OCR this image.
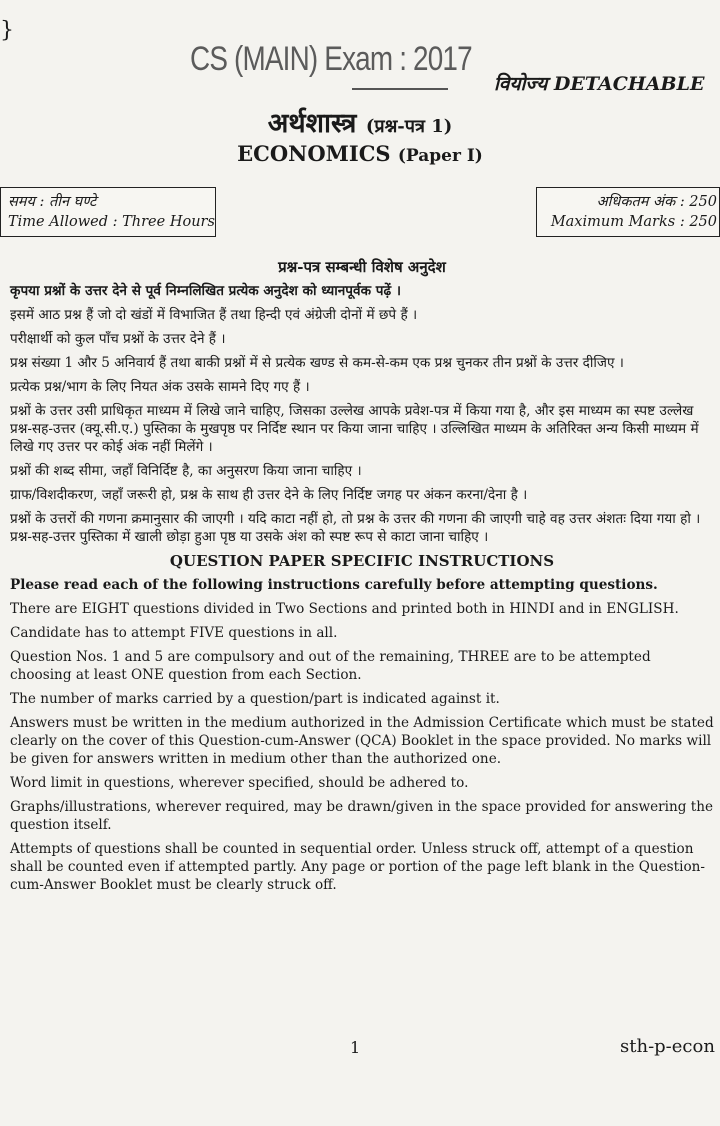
}
CS (MAIN) Exam : 2017
वियोज्य DETACHABLE
अर्थशास्त्र (प्रश्न-पत्र 1)
ECONOMICS (Paper I)
समय : तीन घण्टे
Time Allowed : Three Hours
अधिकतम अंक : 250
Maximum Marks : 250

प्रश्न-पत्र सम्बन्धी विशेष अनुदेश

कृपया प्रश्नों के उत्तर देने से पूर्व निम्नलिखित प्रत्येक अनुदेश को ध्यानपूर्वक पढ़ें ।

इसमें आठ प्रश्न हैं जो दो खंडों में विभाजित हैं तथा हिन्दी एवं अंग्रेजी दोनों में छपे हैं ।

परीक्षार्थी को कुल पाँच प्रश्नों के उत्तर देने हैं ।

प्रश्न संख्या 1 और 5 अनिवार्य हैं तथा बाकी प्रश्नों में से प्रत्येक खण्ड से कम-से-कम एक प्रश्न चुनकर तीन प्रश्नों के उत्तर दीजिए ।

प्रत्येक प्रश्न/भाग के लिए नियत अंक उसके सामने दिए गए हैं ।

प्रश्नों के उत्तर उसी प्राधिकृत माध्यम में लिखे जाने चाहिए, जिसका उल्लेख आपके प्रवेश-पत्र में किया गया है, और इस माध्यम का स्पष्ट उल्लेख प्रश्न-सह-उत्तर (क्यू.सी.ए.) पुस्तिका के मुखपृष्ठ पर निर्दिष्ट स्थान पर किया जाना चाहिए । उल्लिखित माध्यम के अतिरिक्त अन्य किसी माध्यम में लिखे गए उत्तर पर कोई अंक नहीं मिलेंगे ।

प्रश्नों की शब्द सीमा, जहाँ विनिर्दिष्ट है, का अनुसरण किया जाना चाहिए ।

ग्राफ/विशदीकरण, जहाँ जरूरी हो, प्रश्न के साथ ही उत्तर देने के लिए निर्दिष्ट जगह पर अंकन करना/देना है ।

प्रश्नों के उत्तरों की गणना क्रमानुसार की जाएगी । यदि काटा नहीं हो, तो प्रश्न के उत्तर की गणना की जाएगी चाहे वह उत्तर अंशतः दिया गया हो । प्रश्न-सह-उत्तर पुस्तिका में खाली छोड़ा हुआ पृष्ठ या उसके अंश को स्पष्ट रूप से काटा जाना चाहिए ।

QUESTION PAPER SPECIFIC INSTRUCTIONS

Please read each of the following instructions carefully before attempting questions.

There are EIGHT questions divided in Two Sections and printed both in HINDI and in ENGLISH.

Candidate has to attempt FIVE questions in all.

Question Nos. 1 and 5 are compulsory and out of the remaining, THREE are to be attempted choosing at least ONE question from each Section.

The number of marks carried by a question/part is indicated against it.

Answers must be written in the medium authorized in the Admission Certificate which must be stated clearly on the cover of this Question-cum-Answer (QCA) Booklet in the space provided. No marks will be given for answers written in medium other than the authorized one.

Word limit in questions, wherever specified, should be adhered to.

Graphs/illustrations, wherever required, may be drawn/given in the space provided for answering the question itself.

Attempts of questions shall be counted in sequential order. Unless struck off, attempt of a question shall be counted even if attempted partly. Any page or portion of the page left blank in the Question-cum-Answer Booklet must be clearly struck off.

1	sth-p-econ
